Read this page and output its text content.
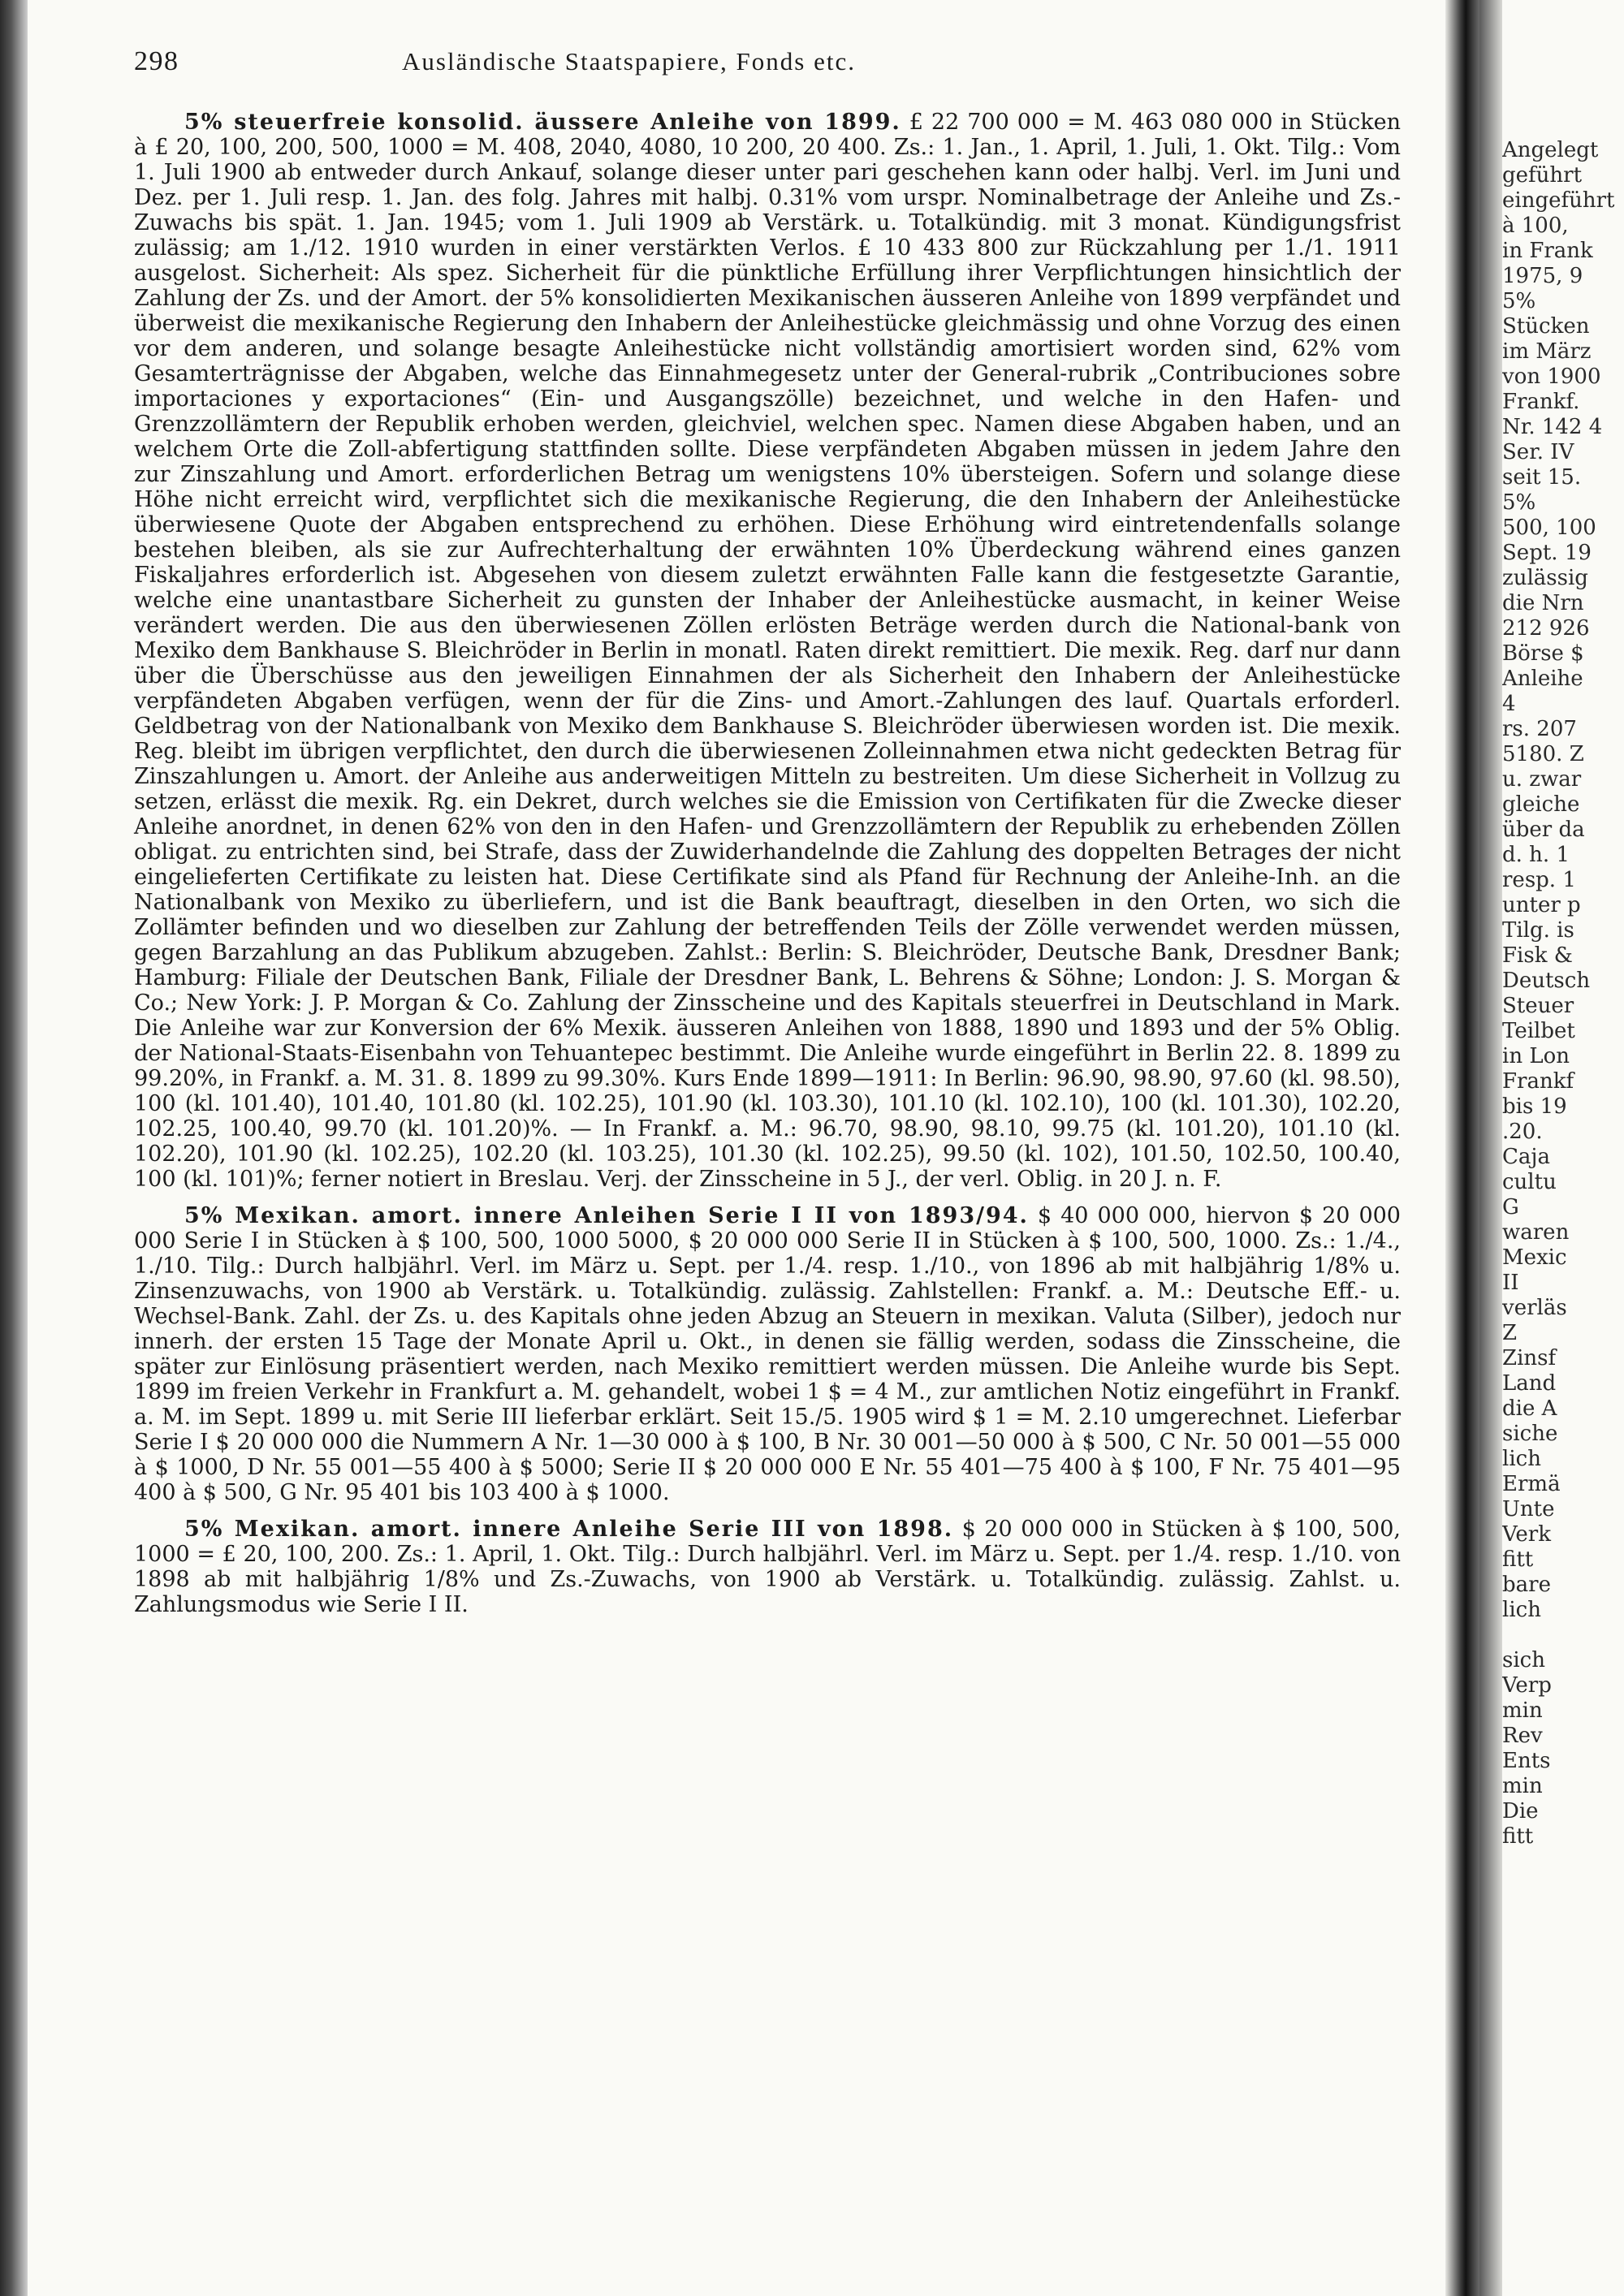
298	Ausländische Staatspapiere, Fonds etc.

5% steuerfreie konsolid. äussere Anleihe von 1899. £ 22 700 000 = M. 463 080 000 in Stücken à £ 20, 100, 200, 500, 1000 = M. 408, 2040, 4080, 10 200, 20 400. Zs.: 1. Jan., 1. April, 1. Juli, 1. Okt. Tilg.: Vom 1. Juli 1900 ab entweder durch Ankauf, solange dieser unter pari geschehen kann oder halbj. Verl. im Juni und Dez. per 1. Juli resp. 1. Jan. des folg. Jahres mit halbj. 0.31% vom urspr. Nominalbetrage der Anleihe und Zs.-Zuwachs bis spät. 1. Jan. 1945; vom 1. Juli 1909 ab Verstärk. u. Totalkündig. mit 3 monat. Kündigungsfrist zulässig; am 1./12. 1910 wurden in einer verstärkten Verlos. £ 10 433 800 zur Rückzahlung per 1./1. 1911 ausgelost. Sicherheit: Als spez. Sicherheit für die pünktliche Erfüllung ihrer Verpflichtungen hinsichtlich der Zahlung der Zs. und der Amort. der 5% konsolidierten Mexikanischen äusseren Anleihe von 1899 verpfändet und überweist die mexikanische Regierung den Inhabern der Anleihestücke gleichmässig und ohne Vorzug des einen vor dem anderen, und solange besagte Anleihestücke nicht vollständig amortisiert worden sind, 62% vom Gesamterträgnisse der Abgaben, welche das Einnahmegesetz unter der General-rubrik „Contribuciones sobre importaciones y exportaciones“ (Ein- und Ausgangszölle) bezeichnet, und welche in den Hafen- und Grenzzollämtern der Republik erhoben werden, gleichviel, welchen spec. Namen diese Abgaben haben, und an welchem Orte die Zoll-abfertigung stattfinden sollte. Diese verpfändeten Abgaben müssen in jedem Jahre den zur Zinszahlung und Amort. erforderlichen Betrag um wenigstens 10% übersteigen. Sofern und solange diese Höhe nicht erreicht wird, verpflichtet sich die mexikanische Regierung, die den Inhabern der Anleihestücke überwiesene Quote der Abgaben entsprechend zu erhöhen. Diese Erhöhung wird eintretendenfalls solange bestehen bleiben, als sie zur Aufrechterhaltung der erwähnten 10% Überdeckung während eines ganzen Fiskaljahres erforderlich ist. Abgesehen von diesem zuletzt erwähnten Falle kann die festgesetzte Garantie, welche eine unantastbare Sicherheit zu gunsten der Inhaber der Anleihestücke ausmacht, in keiner Weise verändert werden. Die aus den überwiesenen Zöllen erlösten Beträge werden durch die National-bank von Mexiko dem Bankhause S. Bleichröder in Berlin in monatl. Raten direkt remittiert. Die mexik. Reg. darf nur dann über die Überschüsse aus den jeweiligen Einnahmen der als Sicherheit den Inhabern der Anleihestücke verpfändeten Abgaben verfügen, wenn der für die Zins- und Amort.-Zahlungen des lauf. Quartals erforderl. Geldbetrag von der Nationalbank von Mexiko dem Bankhause S. Bleichröder überwiesen worden ist. Die mexik. Reg. bleibt im übrigen verpflichtet, den durch die überwiesenen Zolleinnahmen etwa nicht gedeckten Betrag für Zinszahlungen u. Amort. der Anleihe aus anderweitigen Mitteln zu bestreiten. Um diese Sicherheit in Vollzug zu setzen, erlässt die mexik. Rg. ein Dekret, durch welches sie die Emission von Certifikaten für die Zwecke dieser Anleihe anordnet, in denen 62% von den in den Hafen- und Grenzzollämtern der Republik zu erhebenden Zöllen obligat. zu entrichten sind, bei Strafe, dass der Zuwiderhandelnde die Zahlung des doppelten Betrages der nicht eingelieferten Certifikate zu leisten hat. Diese Certifikate sind als Pfand für Rechnung der Anleihe-Inh. an die Nationalbank von Mexiko zu überliefern, und ist die Bank beauftragt, dieselben in den Orten, wo sich die Zollämter befinden und wo dieselben zur Zahlung der betreffenden Teils der Zölle verwendet werden müssen, gegen Barzahlung an das Publikum abzugeben. Zahlst.: Berlin: S. Bleichröder, Deutsche Bank, Dresdner Bank; Hamburg: Filiale der Deutschen Bank, Filiale der Dresdner Bank, L. Behrens & Söhne; London: J. S. Morgan & Co.; New York: J. P. Morgan & Co. Zahlung der Zinsscheine und des Kapitals steuerfrei in Deutschland in Mark. Die Anleihe war zur Konversion der 6% Mexik. äusseren Anleihen von 1888, 1890 und 1893 und der 5% Oblig. der National-Staats-Eisenbahn von Tehuantepec bestimmt. Die Anleihe wurde eingeführt in Berlin 22. 8. 1899 zu 99.20%, in Frankf. a. M. 31. 8. 1899 zu 99.30%. Kurs Ende 1899—1911: In Berlin: 96.90, 98.90, 97.60 (kl. 98.50), 100 (kl. 101.40), 101.40, 101.80 (kl. 102.25), 101.90 (kl. 103.30), 101.10 (kl. 102.10), 100 (kl. 101.30), 102.20, 102.25, 100.40, 99.70 (kl. 101.20)%. — In Frankf. a. M.: 96.70, 98.90, 98.10, 99.75 (kl. 101.20), 101.10 (kl. 102.20), 101.90 (kl. 102.25), 102.20 (kl. 103.25), 101.30 (kl. 102.25), 99.50 (kl. 102), 101.50, 102.50, 100.40, 100 (kl. 101)%; ferner notiert in Breslau. Verj. der Zinsscheine in 5 J., der verl. Oblig. in 20 J. n. F.

5% Mexikan. amort. innere Anleihen Serie I II von 1893/94. $ 40 000 000, hiervon $ 20 000 000 Serie I in Stücken à $ 100, 500, 1000 5000, $ 20 000 000 Serie II in Stücken à $ 100, 500, 1000. Zs.: 1./4., 1./10. Tilg.: Durch halbjährl. Verl. im März u. Sept. per 1./4. resp. 1./10., von 1896 ab mit halbjährig 1/8% u. Zinsenzuwachs, von 1900 ab Verstärk. u. Totalkündig. zulässig. Zahlstellen: Frankf. a. M.: Deutsche Eff.- u. Wechsel-Bank. Zahl. der Zs. u. des Kapitals ohne jeden Abzug an Steuern in mexikan. Valuta (Silber), jedoch nur innerh. der ersten 15 Tage der Monate April u. Okt., in denen sie fällig werden, sodass die Zinsscheine, die später zur Einlösung präsentiert werden, nach Mexiko remittiert werden müssen. Die Anleihe wurde bis Sept. 1899 im freien Verkehr in Frankfurt a. M. gehandelt, wobei 1 $ = 4 M., zur amtlichen Notiz eingeführt in Frankf. a. M. im Sept. 1899 u. mit Serie III lieferbar erklärt. Seit 15./5. 1905 wird $ 1 = M. 2.10 umgerechnet. Lieferbar Serie I $ 20 000 000 die Nummern A Nr. 1—30 000 à $ 100, B Nr. 30 001—50 000 à $ 500, C Nr. 50 001—55 000 à $ 1000, D Nr. 55 001—55 400 à $ 5000; Serie II $ 20 000 000 E Nr. 55 401—75 400 à $ 100, F Nr. 75 401—95 400 à $ 500, G Nr. 95 401 bis 103 400 à $ 1000.

5% Mexikan. amort. innere Anleihe Serie III von 1898. $ 20 000 000 in Stücken à $ 100, 500, 1000 = £ 20, 100, 200. Zs.: 1. April, 1. Okt. Tilg.: Durch halbjährl. Verl. im März u. Sept. per 1./4. resp. 1./10. von 1898 ab mit halbjährig 1/8% und Zs.-Zuwachs, von 1900 ab Verstärk. u. Totalkündig. zulässig. Zahlst. u. Zahlungsmodus wie Serie I II.

Angelegt
geführt
eingeführt
à 100,
in Frank
1975, 9
5%
Stücken
im März
von 1900
Frankf.
Nr. 142 4
Ser. IV
seit 15.
5%
500, 100
Sept. 19
zulässig
die Nrn
212 926
Börse $
Anleihe
4
rs. 207
5180. Z
u. zwar
gleiche
über da
d. h. 1
resp. 1
unter p
Tilg. is
Fisk &
Deutsch
Steuer
Teilbet
in Lon
Frankf
bis 19
.20.
Caja
cultu
G
waren
Mexic
II
verläs
Z
Zinsf
Land
die A
siche
lich
Ermä
Unte
Verk
fitt
bare
lich
sich
Verp
min
Rev
Ents
min
Die
fitt
